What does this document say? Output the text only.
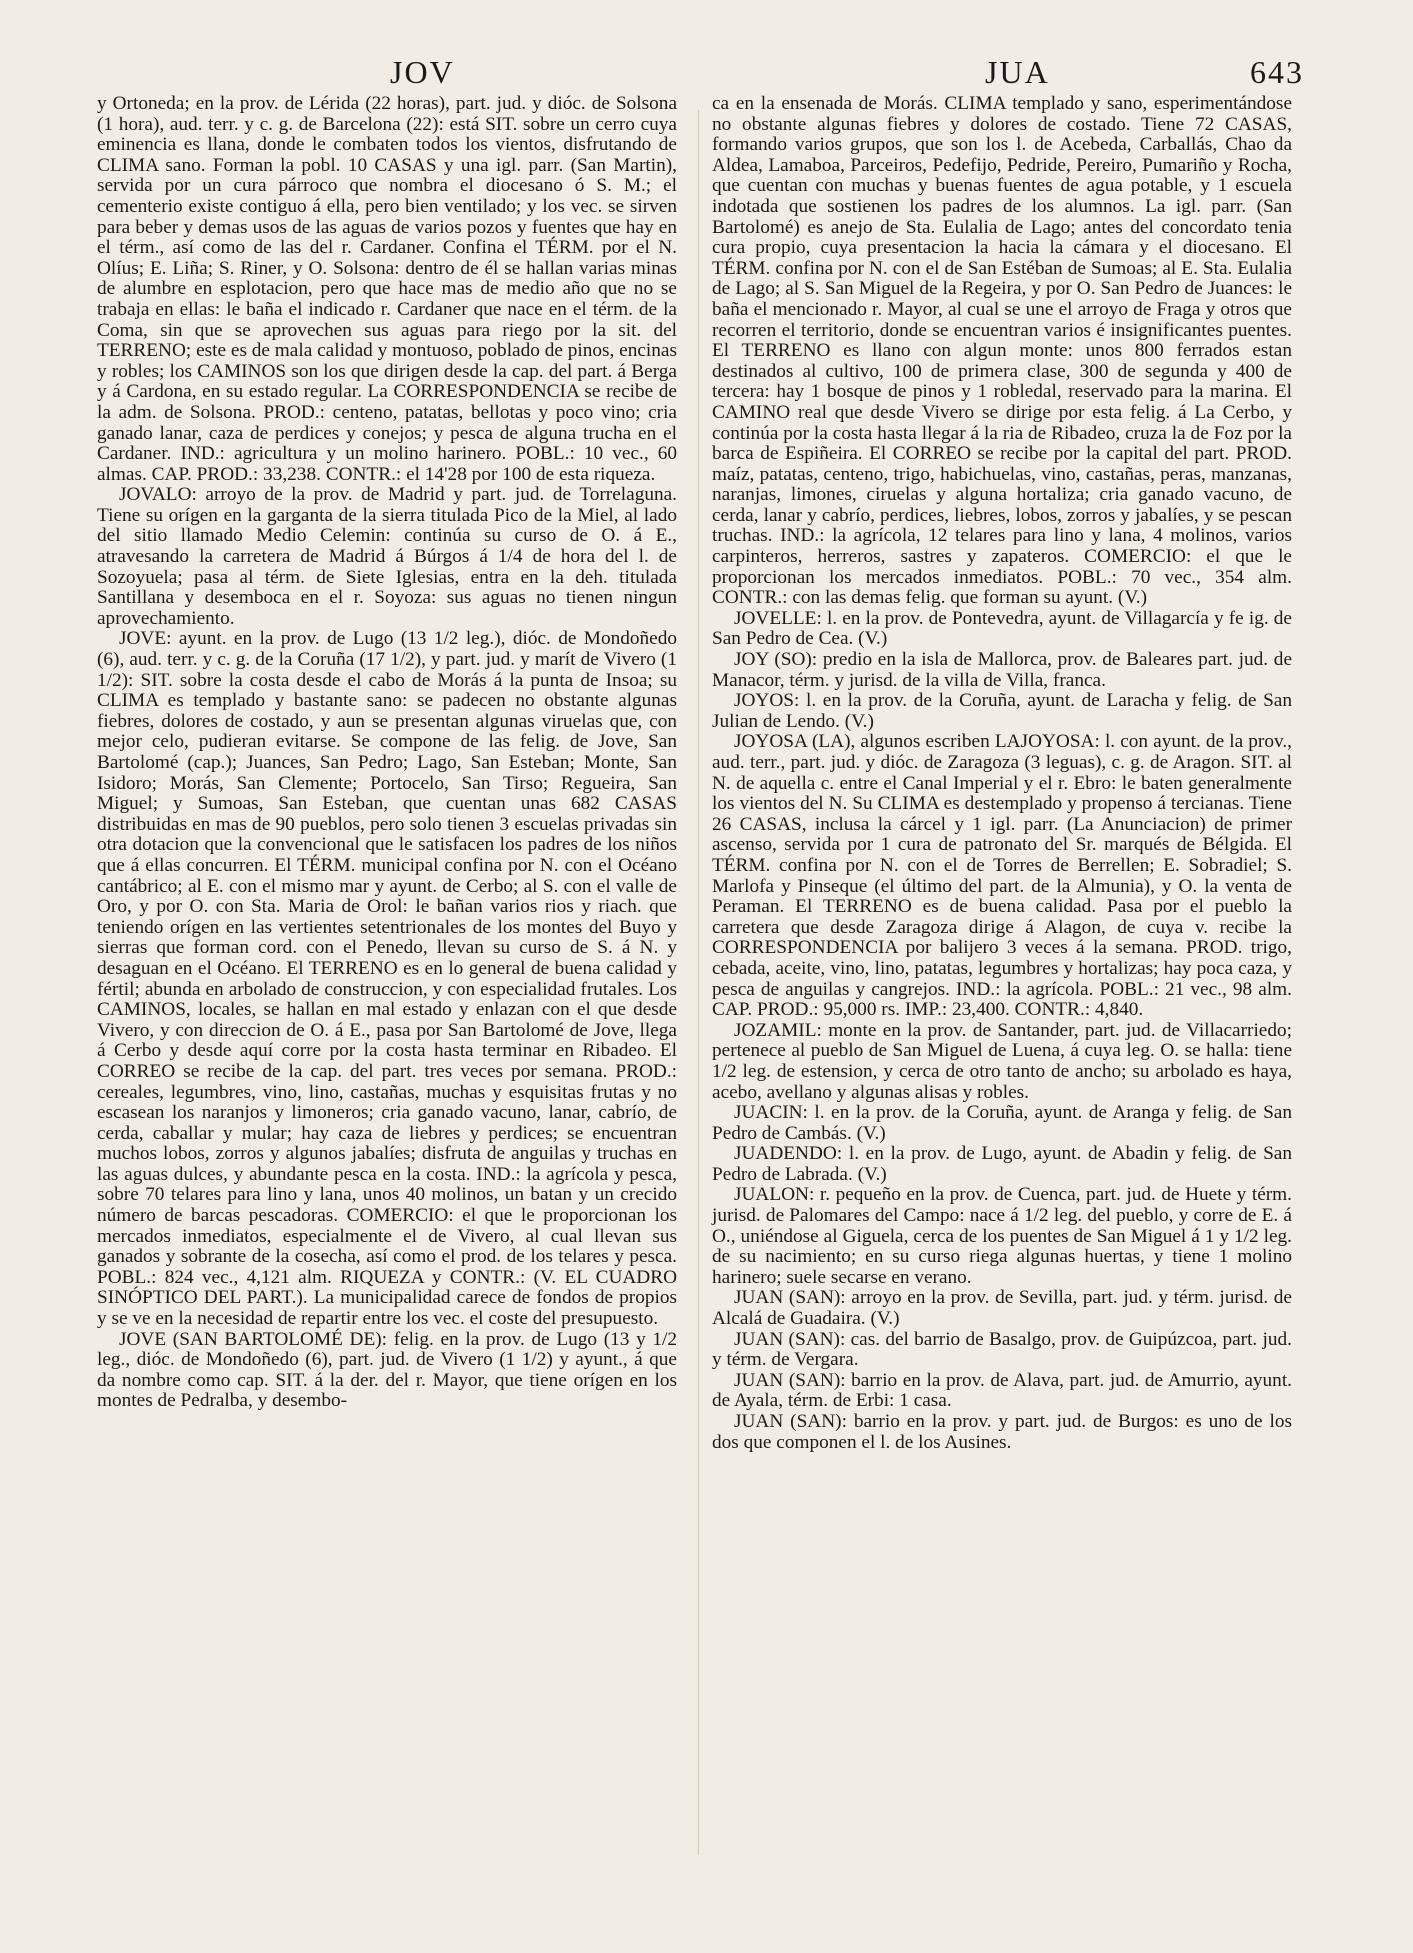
JOV	JUA	643

y Ortoneda; en la prov. de Lérida (22 horas), part. jud. y dióc. de Solsona (1 hora), aud. terr. y c. g. de Barcelona (22): está SIT. sobre un cerro cuya eminencia es llana, donde le combaten todos los vientos, disfrutando de CLIMA sano. Forman la pobl. 10 CASAS y una igl. parr. (San Martin), servida por un cura párroco que nombra el diocesano ó S. M.; el cementerio existe contiguo á ella, pero bien ventilado; y los vec. se sirven para beber y demas usos de las aguas de varios pozos y fuentes que hay en el térm., así como de las del r. Cardaner. Confina el TÉRM. por el N. Olíus; E. Liña; S. Riner, y O. Solsona: dentro de él se hallan varias minas de alumbre en esplotacion, pero que hace mas de medio año que no se trabaja en ellas: le baña el indicado r. Cardaner que nace en el térm. de la Coma, sin que se aprovechen sus aguas para riego por la sit. del TERRENO; este es de mala calidad y montuoso, poblado de pinos, encinas y robles; los CAMINOS son los que dirigen desde la cap. del part. á Berga y á Cardona, en su estado regular. La CORRESPONDENCIA se recibe de la adm. de Solsona. PROD.: centeno, patatas, bellotas y poco vino; cria ganado lanar, caza de perdices y conejos; y pesca de alguna trucha en el Cardaner. IND.: agricultura y un molino harinero. POBL.: 10 vec., 60 almas. CAP. PROD.: 33,238. CONTR.: el 14'28 por 100 de esta riqueza.

JOVALO: arroyo de la prov. de Madrid y part. jud. de Torrelaguna. Tiene su orígen en la garganta de la sierra titulada Pico de la Miel, al lado del sitio llamado Medio Celemin: continúa su curso de O. á E., atravesando la carretera de Madrid á Búrgos á 1/4 de hora del l. de Sozoyuela; pasa al térm. de Siete Iglesias, entra en la deh. titulada Santillana y desemboca en el r. Soyoza: sus aguas no tienen ningun aprovechamiento.

JOVE: ayunt. en la prov. de Lugo (13 1/2 leg.), dióc. de Mondoñedo (6), aud. terr. y c. g. de la Coruña (17 1/2), y part. jud. y marít de Vivero (1 1/2): SIT. sobre la costa desde el cabo de Morás á la punta de Insoa; su CLIMA es templado y bastante sano: se padecen no obstante algunas fiebres, dolores de costado, y aun se presentan algunas viruelas que, con mejor celo, pudieran evitarse. Se compone de las felig. de Jove, San Bartolomé (cap.); Juances, San Pedro; Lago, San Esteban; Monte, San Isidoro; Morás, San Clemente; Portocelo, San Tirso; Regueira, San Miguel; y Sumoas, San Esteban, que cuentan unas 682 CASAS distribuidas en mas de 90 pueblos, pero solo tienen 3 escuelas privadas sin otra dotacion que la convencional que le satisfacen los padres de los niños que á ellas concurren. El TÉRM. municipal confina por N. con el Océano cantábrico; al E. con el mismo mar y ayunt. de Cerbo; al S. con el valle de Oro, y por O. con Sta. Maria de Orol: le bañan varios rios y riach. que teniendo orígen en las vertientes setentrionales de los montes del Buyo y sierras que forman cord. con el Penedo, llevan su curso de S. á N. y desaguan en el Océano. El TERRENO es en lo general de buena calidad y fértil; abunda en arbolado de construccion, y con especialidad frutales. Los CAMINOS, locales, se hallan en mal estado y enlazan con el que desde Vivero, y con direccion de O. á E., pasa por San Bartolomé de Jove, llega á Cerbo y desde aquí corre por la costa hasta terminar en Ribadeo. El CORREO se recibe de la cap. del part. tres veces por semana. PROD.: cereales, legumbres, vino, lino, castañas, muchas y esquisitas frutas y no escasean los naranjos y limoneros; cria ganado vacuno, lanar, cabrío, de cerda, caballar y mular; hay caza de liebres y perdices; se encuentran muchos lobos, zorros y algunos jabalíes; disfruta de anguilas y truchas en las aguas dulces, y abundante pesca en la costa. IND.: la agrícola y pesca, sobre 70 telares para lino y lana, unos 40 molinos, un batan y un crecido número de barcas pescadoras. COMERCIO: el que le proporcionan los mercados inmediatos, especialmente el de Vivero, al cual llevan sus ganados y sobrante de la cosecha, así como el prod. de los telares y pesca. POBL.: 824 vec., 4,121 alm. RIQUEZA y CONTR.: (V. EL CUADRO SINÓPTICO DEL PART.). La municipalidad carece de fondos de propios y se ve en la necesidad de repartir entre los vec. el coste del presupuesto.

JOVE (SAN BARTOLOMÉ DE): felig. en la prov. de Lugo (13 y 1/2 leg., dióc. de Mondoñedo (6), part. jud. de Vivero (1 1/2) y ayunt., á que da nombre como cap. SIT. á la der. del r. Mayor, que tiene orígen en los montes de Pedralba, y desembo-

ca en la ensenada de Morás. CLIMA templado y sano, esperimentándose no obstante algunas fiebres y dolores de costado. Tiene 72 CASAS, formando varios grupos, que son los l. de Acebeda, Carballás, Chao da Aldea, Lamaboa, Parceiros, Pedefijo, Pedride, Pereiro, Pumariño y Rocha, que cuentan con muchas y buenas fuentes de agua potable, y 1 escuela indotada que sostienen los padres de los alumnos. La igl. parr. (San Bartolomé) es anejo de Sta. Eulalia de Lago; antes del concordato tenia cura propio, cuya presentacion la hacia la cámara y el diocesano. El TÉRM. confina por N. con el de San Estéban de Sumoas; al E. Sta. Eulalia de Lago; al S. San Miguel de la Regeira, y por O. San Pedro de Juances: le baña el mencionado r. Mayor, al cual se une el arroyo de Fraga y otros que recorren el territorio, donde se encuentran varios é insignificantes puentes. El TERRENO es llano con algun monte: unos 800 ferrados estan destinados al cultivo, 100 de primera clase, 300 de segunda y 400 de tercera: hay 1 bosque de pinos y 1 robledal, reservado para la marina. El CAMINO real que desde Vivero se dirige por esta felig. á La Cerbo, y continúa por la costa hasta llegar á la ria de Ribadeo, cruza la de Foz por la barca de Espiñeira. El CORREO se recibe por la capital del part. PROD. maíz, patatas, centeno, trigo, habichuelas, vino, castañas, peras, manzanas, naranjas, limones, ciruelas y alguna hortaliza; cria ganado vacuno, de cerda, lanar y cabrío, perdices, liebres, lobos, zorros y jabalíes, y se pescan truchas. IND.: la agrícola, 12 telares para lino y lana, 4 molinos, varios carpinteros, herreros, sastres y zapateros. COMERCIO: el que le proporcionan los mercados inmediatos. POBL.: 70 vec., 354 alm. CONTR.: con las demas felig. que forman su ayunt. (V.)

JOVELLE: l. en la prov. de Pontevedra, ayunt. de Villagarcía y fe ig. de San Pedro de Cea. (V.)

JOY (SO): predio en la isla de Mallorca, prov. de Baleares part. jud. de Manacor, térm. y jurisd. de la villa de Villa, franca.

JOYOS: l. en la prov. de la Coruña, ayunt. de Laracha y felig. de San Julian de Lendo. (V.)

JOYOSA (LA), algunos escriben LAJOYOSA: l. con ayunt. de la prov., aud. terr., part. jud. y dióc. de Zaragoza (3 leguas), c. g. de Aragon. SIT. al N. de aquella c. entre el Canal Imperial y el r. Ebro: le baten generalmente los vientos del N. Su CLIMA es destemplado y propenso á tercianas. Tiene 26 CASAS, inclusa la cárcel y 1 igl. parr. (La Anunciacion) de primer ascenso, servida por 1 cura de patronato del Sr. marqués de Bélgida. El TÉRM. confina por N. con el de Torres de Berrellen; E. Sobradiel; S. Marlofa y Pinseque (el último del part. de la Almunia), y O. la venta de Peraman. El TERRENO es de buena calidad. Pasa por el pueblo la carretera que desde Zaragoza dirige á Alagon, de cuya v. recibe la CORRESPONDENCIA por balijero 3 veces á la semana. PROD. trigo, cebada, aceite, vino, lino, patatas, legumbres y hortalizas; hay poca caza, y pesca de anguilas y cangrejos. IND.: la agrícola. POBL.: 21 vec., 98 alm. CAP. PROD.: 95,000 rs. IMP.: 23,400. CONTR.: 4,840.

JOZAMIL: monte en la prov. de Santander, part. jud. de Villacarriedo; pertenece al pueblo de San Miguel de Luena, á cuya leg. O. se halla: tiene 1/2 leg. de estension, y cerca de otro tanto de ancho; su arbolado es haya, acebo, avellano y algunas alisas y robles.

JUACIN: l. en la prov. de la Coruña, ayunt. de Aranga y felig. de San Pedro de Cambás. (V.)

JUADENDO: l. en la prov. de Lugo, ayunt. de Abadin y felig. de San Pedro de Labrada. (V.)

JUALON: r. pequeño en la prov. de Cuenca, part. jud. de Huete y térm. jurisd. de Palomares del Campo: nace á 1/2 leg. del pueblo, y corre de E. á O., uniéndose al Giguela, cerca de los puentes de San Miguel á 1 y 1/2 leg. de su nacimiento; en su curso riega algunas huertas, y tiene 1 molino harinero; suele secarse en verano.

JUAN (SAN): arroyo en la prov. de Sevilla, part. jud. y térm. jurisd. de Alcalá de Guadaira. (V.)

JUAN (SAN): cas. del barrio de Basalgo, prov. de Guipúzcoa, part. jud. y térm. de Vergara.

JUAN (SAN): barrio en la prov. de Alava, part. jud. de Amurrio, ayunt. de Ayala, térm. de Erbi: 1 casa.

JUAN (SAN): barrio en la prov. y part. jud. de Burgos: es uno de los dos que componen el l. de los Ausines.
